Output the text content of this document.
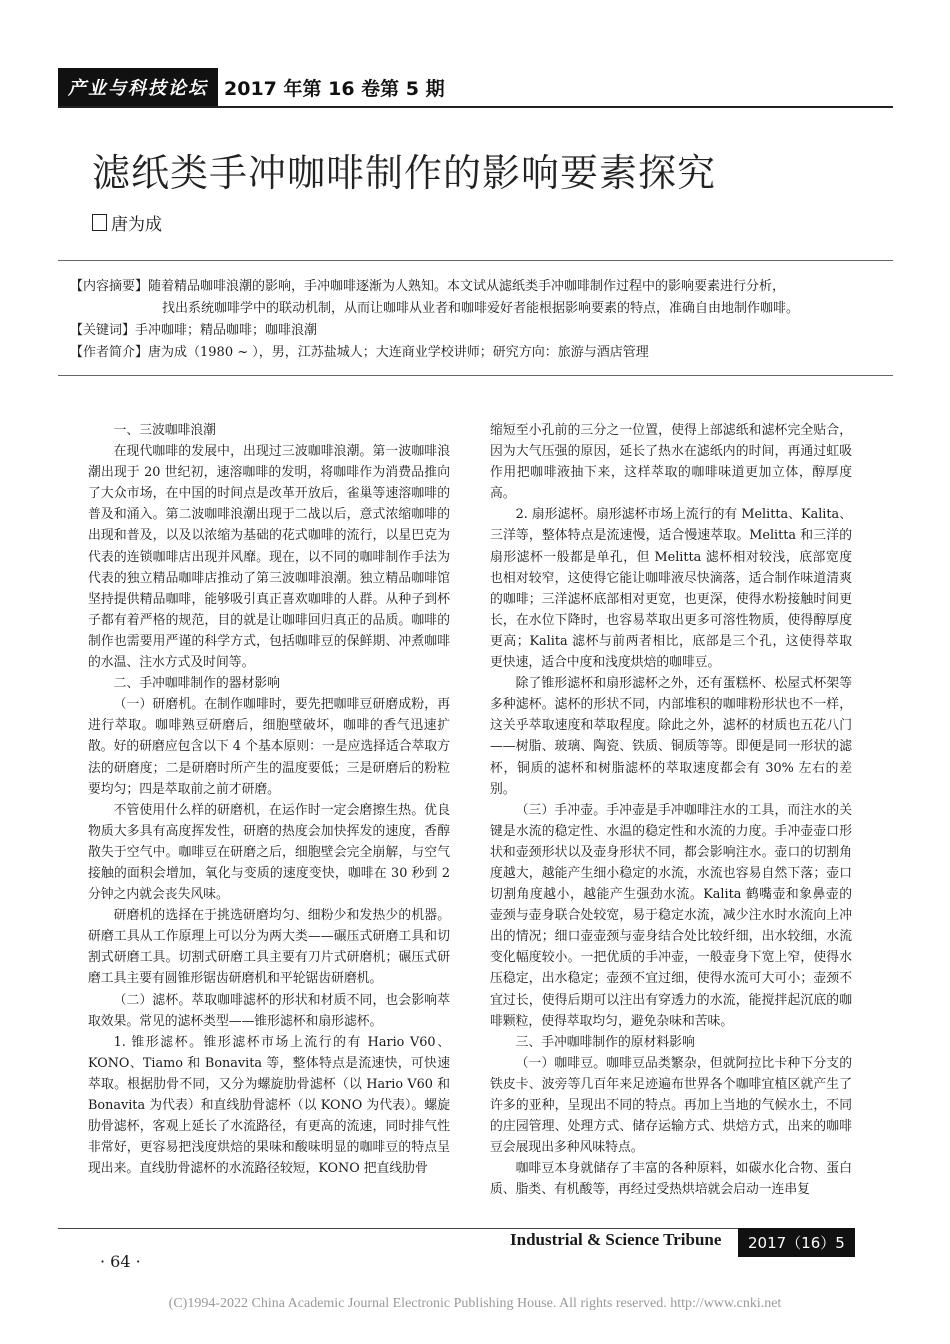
产业与科技论坛 2017 年第 16 卷第 5 期
滤纸类手冲咖啡制作的影响要素探究
唐为成
【内容摘要】随着精品咖啡浪潮的影响，手冲咖啡逐渐为人熟知。本文试从滤纸类手冲咖啡制作过程中的影响要素进行分析，
找出系统咖啡学中的联动机制，从而让咖啡从业者和咖啡爱好者能根据影响要素的特点，准确自由地制作咖啡。
【关键词】手冲咖啡；精品咖啡；咖啡浪潮
【作者简介】唐为成（1980 ~ ），男，江苏盐城人；大连商业学校讲师；研究方向：旅游与酒店管理

一、三波咖啡浪潮

在现代咖啡的发展中，出现过三波咖啡浪潮。第一波咖啡浪潮出现于 20 世纪初，速溶咖啡的发明，将咖啡作为消费品推向了大众市场，在中国的时间点是改革开放后，雀巢等速溶咖啡的普及和涌入。第二波咖啡浪潮出现于二战以后，意式浓缩咖啡的出现和普及，以及以浓缩为基础的花式咖啡的流行，以星巴克为代表的连锁咖啡店出现并风靡。现在，以不同的咖啡制作手法为代表的独立精品咖啡店推动了第三波咖啡浪潮。独立精品咖啡馆坚持提供精品咖啡，能够吸引真正喜欢咖啡的人群。从种子到杯子都有着严格的规范，目的就是让咖啡回归真正的品质。咖啡的制作也需要用严谨的科学方式，包括咖啡豆的保鲜期、冲煮咖啡的水温、注水方式及时间等。

二、手冲咖啡制作的器材影响

（一）研磨机。在制作咖啡时，要先把咖啡豆研磨成粉，再进行萃取。咖啡熟豆研磨后，细胞壁破坏，咖啡的香气迅速扩散。好的研磨应包含以下 4 个基本原则：一是应选择适合萃取方法的研磨度；二是研磨时所产生的温度要低；三是研磨后的粉粒要均匀；四是萃取前之前才研磨。

不管使用什么样的研磨机，在运作时一定会磨擦生热。优良物质大多具有高度挥发性，研磨的热度会加快挥发的速度，香醇散失于空气中。咖啡豆在研磨之后，细胞壁会完全崩解，与空气接触的面积会增加，氧化与变质的速度变快，咖啡在 30 秒到 2 分钟之内就会丧失风味。

研磨机的选择在于挑选研磨均匀、细粉少和发热少的机器。研磨工具从工作原理上可以分为两大类——碾压式研磨工具和切割式研磨工具。切割式研磨工具主要有刀片式研磨机；碾压式研磨工具主要有圆锥形锯齿研磨机和平轮锯齿研磨机。

（二）滤杯。萃取咖啡滤杯的形状和材质不同，也会影响萃取效果。常见的滤杯类型——锥形滤杯和扇形滤杯。

1. 锥形滤杯。锥形滤杯市场上流行的有 Hario V60、KONO、Tiamo 和 Bonavita 等，整体特点是流速快，可快速萃取。根据肋骨不同，又分为螺旋肋骨滤杯（以 Hario V60 和 Bonavita 为代表）和直线肋骨滤杯（以 KONO 为代表）。螺旋肋骨滤杯，客观上延长了水流路径，有更高的流速，同时排气性非常好，更容易把浅度烘焙的果味和酸味明显的咖啡豆的特点呈现出来。直线肋骨滤杯的水流路径较短，KONO 把直线肋骨

缩短至小孔前的三分之一位置，使得上部滤纸和滤杯完全贴合，因为大气压强的原因，延长了热水在滤纸内的时间，再通过虹吸作用把咖啡液抽下来，这样萃取的咖啡味道更加立体，醇厚度高。

2. 扇形滤杯。扇形滤杯市场上流行的有 Melitta、Kalita、三洋等，整体特点是流速慢，适合慢速萃取。Melitta 和三洋的扇形滤杯一般都是单孔，但 Melitta 滤杯相对较浅，底部宽度也相对较窄，这使得它能让咖啡液尽快滴落，适合制作味道清爽的咖啡；三洋滤杯底部相对更宽，也更深，使得水粉接触时间更长，在水位下降时，也容易萃取出更多可溶性物质，使得醇厚度更高；Kalita 滤杯与前两者相比，底部是三个孔，这使得萃取更快速，适合中度和浅度烘焙的咖啡豆。

除了锥形滤杯和扇形滤杯之外，还有蛋糕杯、松屋式杯架等多种滤杯。滤杯的形状不同，内部堆积的咖啡粉形状也不一样，这关乎萃取速度和萃取程度。除此之外，滤杯的材质也五花八门——树脂、玻璃、陶瓷、铁质、铜质等等。即便是同一形状的滤杯，铜质的滤杯和树脂滤杯的萃取速度都会有 30% 左右的差别。

（三）手冲壶。手冲壶是手冲咖啡注水的工具，而注水的关键是水流的稳定性、水温的稳定性和水流的力度。手冲壶壶口形状和壶颈形状以及壶身形状不同，都会影响注水。壶口的切割角度越大，越能产生细小稳定的水流，水流也容易自然下落；壶口切割角度越小，越能产生强劲水流。Kalita 鹤嘴壶和象鼻壶的壶颈与壶身联合处较宽，易于稳定水流，减少注水时水流向上冲出的情况；细口壶壶颈与壶身结合处比较纤细，出水较细，水流变化幅度较小。一把优质的手冲壶，一般壶身下宽上窄，使得水压稳定，出水稳定；壶颈不宜过细，使得水流可大可小；壶颈不宜过长，使得后期可以注出有穿透力的水流，能搅拌起沉底的咖啡颗粒，使得萃取均匀，避免杂味和苦味。

三、手冲咖啡制作的原材料影响

（一）咖啡豆。咖啡豆品类繁杂，但就阿拉比卡种下分支的铁皮卡、波旁等几百年来足迹遍布世界各个咖啡宜植区就产生了许多的亚种，呈现出不同的特点。再加上当地的气候水土，不同的庄园管理、处理方式、储存运输方式、烘焙方式，出来的咖啡豆会展现出多种风味特点。

咖啡豆本身就储存了丰富的各种原料，如碳水化合物、蛋白质、脂类、有机酸等，再经过受热烘培就会启动一连串复

Industrial & Science Tribune	2017（16）5
· 64 ·
(C)1994-2022 China Academic Journal Electronic Publishing House. All rights reserved. http://www.cnki.net
